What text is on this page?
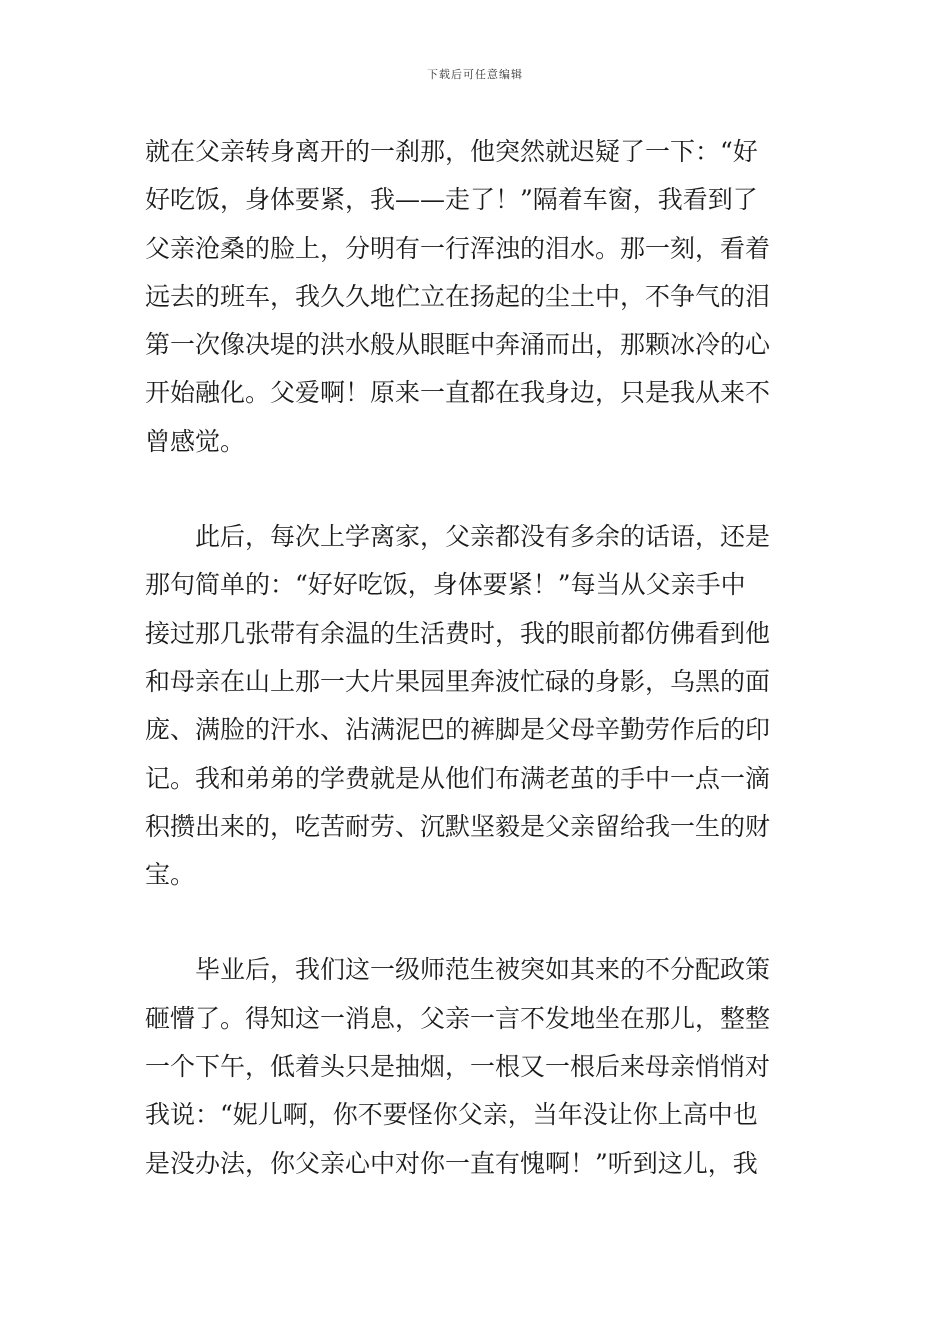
下载后可任意编辑
就在父亲转身离开的一刹那，他突然就迟疑了一下：“好
好吃饭，身体要紧，我——走了！”隔着车窗，我看到了
父亲沧桑的脸上，分明有一行浑浊的泪水。那一刻，看着
远去的班车，我久久地伫立在扬起的尘土中，不争气的泪
第一次像决堤的洪水般从眼眶中奔涌而出，那颗冰冷的心
开始融化。父爱啊！原来一直都在我身边，只是我从来不
曾感觉。
此后，每次上学离家，父亲都没有多余的话语，还是
那句简单的：“好好吃饭，身体要紧！”每当从父亲手中
接过那几张带有余温的生活费时，我的眼前都仿佛看到他
和母亲在山上那一大片果园里奔波忙碌的身影，乌黑的面
庞、满脸的汗水、沾满泥巴的裤脚是父母辛勤劳作后的印
记。我和弟弟的学费就是从他们布满老茧的手中一点一滴
积攒出来的，吃苦耐劳、沉默坚毅是父亲留给我一生的财
宝。
毕业后，我们这一级师范生被突如其来的不分配政策
砸懵了。得知这一消息，父亲一言不发地坐在那儿，整整
一个下午，低着头只是抽烟，一根又一根后来母亲悄悄对
我说：“妮儿啊，你不要怪你父亲，当年没让你上高中也
是没办法，你父亲心中对你一直有愧啊！”听到这儿，我
